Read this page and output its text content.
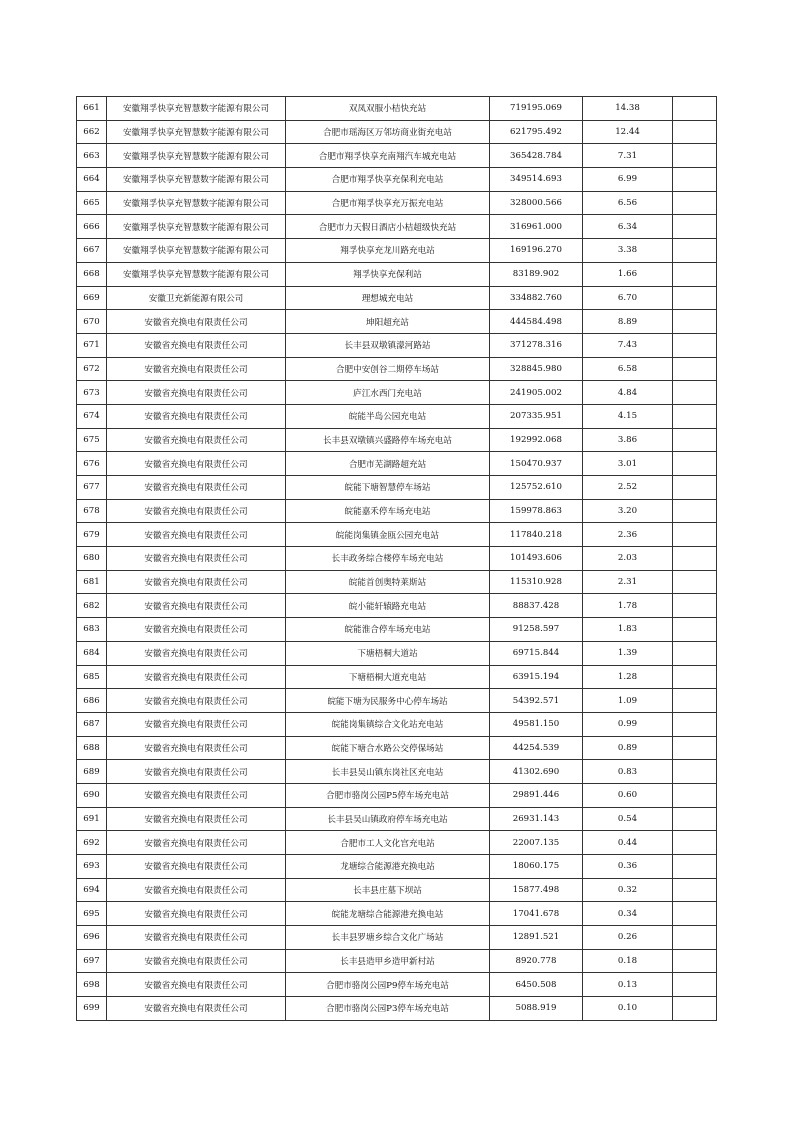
661	安徽翔孚快享充智慧数字能源有限公司	双凤双服小桔快充站	719195.069	14.38	
662	安徽翔孚快享充智慧数字能源有限公司	合肥市瑶海区万邻坊商业街充电站	621795.492	12.44	
663	安徽翔孚快享充智慧数字能源有限公司	合肥市翔孚快享充南翔汽车城充电站	365428.784	7.31	
664	安徽翔孚快享充智慧数字能源有限公司	合肥市翔孚快享充保利充电站	349514.693	6.99	
665	安徽翔孚快享充智慧数字能源有限公司	合肥市翔孚快享充万振充电站	328000.566	6.56	
666	安徽翔孚快享充智慧数字能源有限公司	合肥市力天假日酒店小桔超级快充站	316961.000	6.34	
667	安徽翔孚快享充智慧数字能源有限公司	翔孚快享充龙川路充电站	169196.270	3.38	
668	安徽翔孚快享充智慧数字能源有限公司	翔孚快享充保利站	83189.902	1.66	
669	安徽卫充新能源有限公司	理想城充电站	334882.760	6.70	
670	安徽省充换电有限责任公司	坤阳超充站	444584.498	8.89	
671	安徽省充换电有限责任公司	长丰县双墩镇濛河路站	371278.316	7.43	
672	安徽省充换电有限责任公司	合肥中安创谷二期停车场站	328845.980	6.58	
673	安徽省充换电有限责任公司	庐江水西门充电站	241905.002	4.84	
674	安徽省充换电有限责任公司	皖能半岛公园充电站	207335.951	4.15	
675	安徽省充换电有限责任公司	长丰县双墩镇兴盛路停车场充电站	192992.068	3.86	
676	安徽省充换电有限责任公司	合肥市芜湖路超充站	150470.937	3.01	
677	安徽省充换电有限责任公司	皖能下塘智慧停车场站	125752.610	2.52	
678	安徽省充换电有限责任公司	皖能嘉禾停车场充电站	159978.863	3.20	
679	安徽省充换电有限责任公司	皖能岗集镇金瓯公园充电站	117840.218	2.36	
680	安徽省充换电有限责任公司	长丰政务综合楼停车场充电站	101493.606	2.03	
681	安徽省充换电有限责任公司	皖能首创奥特莱斯站	115310.928	2.31	
682	安徽省充换电有限责任公司	皖小能轩辕路充电站	88837.428	1.78	
683	安徽省充换电有限责任公司	皖能淮合停车场充电站	91258.597	1.83	
684	安徽省充换电有限责任公司	下塘梧桐大道站	69715.844	1.39	
685	安徽省充换电有限责任公司	下塘梧桐大道充电站	63915.194	1.28	
686	安徽省充换电有限责任公司	皖能下塘为民服务中心停车场站	54392.571	1.09	
687	安徽省充换电有限责任公司	皖能岗集镇综合文化站充电站	49581.150	0.99	
688	安徽省充换电有限责任公司	皖能下塘合水路公交停保场站	44254.539	0.89	
689	安徽省充换电有限责任公司	长丰县吴山镇东岗社区充电站	41302.690	0.83	
690	安徽省充换电有限责任公司	合肥市骆岗公园P5停车场充电站	29891.446	0.60	
691	安徽省充换电有限责任公司	长丰县吴山镇政府停车场充电站	26931.143	0.54	
692	安徽省充换电有限责任公司	合肥市工人文化宫充电站	22007.135	0.44	
693	安徽省充换电有限责任公司	龙塘综合能源港充换电站	18060.175	0.36	
694	安徽省充换电有限责任公司	长丰县庄墓下坝站	15877.498	0.32	
695	安徽省充换电有限责任公司	皖能龙塘综合能源港充换电站	17041.678	0.34	
696	安徽省充换电有限责任公司	长丰县罗塘乡综合文化广场站	12891.521	0.26	
697	安徽省充换电有限责任公司	长丰县造甲乡造甲新村站	8920.778	0.18	
698	安徽省充换电有限责任公司	合肥市骆岗公园P9停车场充电站	6450.508	0.13	
699	安徽省充换电有限责任公司	合肥市骆岗公园P3停车场充电站	5088.919	0.10	
